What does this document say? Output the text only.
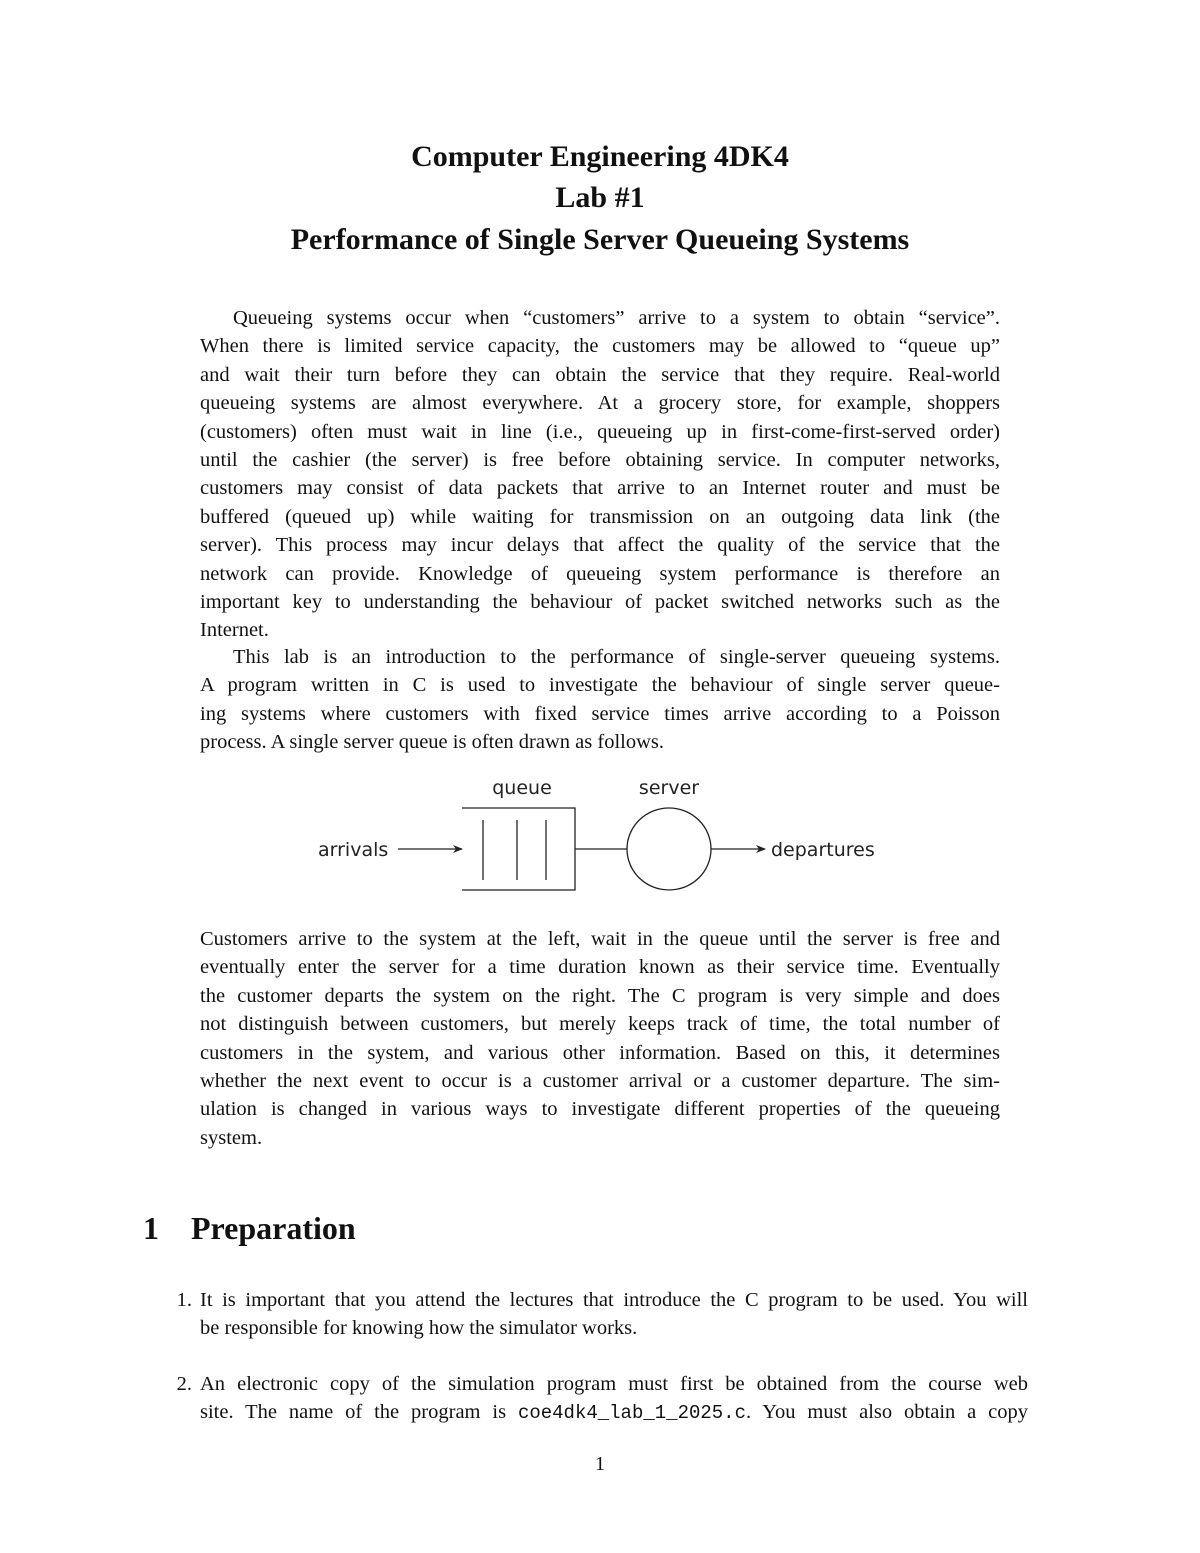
Computer Engineering 4DK4
Lab #1
Performance of Single Server Queueing Systems
Queueing systems occur when “customers” arrive to a system to obtain “service”.
When there is limited service capacity, the customers may be allowed to “queue up”
and wait their turn before they can obtain the service that they require. Real-world
queueing systems are almost everywhere. At a grocery store, for example, shoppers
(customers) often must wait in line (i.e., queueing up in first-come-first-served order)
until the cashier (the server) is free before obtaining service. In computer networks,
customers may consist of data packets that arrive to an Internet router and must be
buffered (queued up) while waiting for transmission on an outgoing data link (the
server). This process may incur delays that affect the quality of the service that the
network can provide. Knowledge of queueing system performance is therefore an
important key to understanding the behaviour of packet switched networks such as the
Internet.
This lab is an introduction to the performance of single-server queueing systems.
A program written in C is used to investigate the behaviour of single server queue-
ing systems where customers with fixed service times arrive according to a Poisson
process. A single server queue is often drawn as follows.
queue	server
arrivals	departures
Customers arrive to the system at the left, wait in the queue until the server is free and
eventually enter the server for a time duration known as their service time. Eventually
the customer departs the system on the right. The C program is very simple and does
not distinguish between customers, but merely keeps track of time, the total number of
customers in the system, and various other information. Based on this, it determines
whether the next event to occur is a customer arrival or a customer departure. The sim-
ulation is changed in various ways to investigate different properties of the queueing
system.
1 Preparation
1. It is important that you attend the lectures that introduce the C program to be used. You will
be responsible for knowing how the simulator works.
2. An electronic copy of the simulation program must first be obtained from the course web
site. The name of the program is coe4dk4_lab_1_2025.c. You must also obtain a copy
1
